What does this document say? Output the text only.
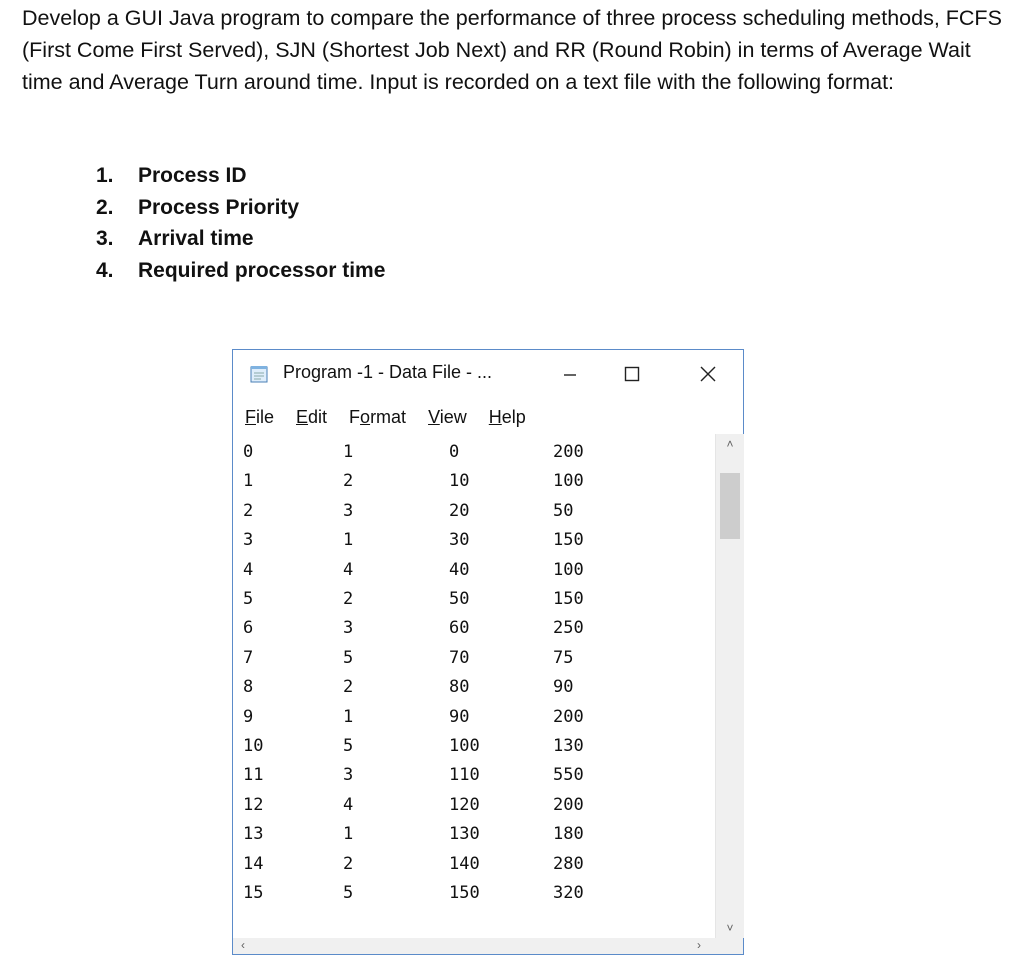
Develop a GUI Java program to compare the performance of three process scheduling methods, FCFS (First Come First Served), SJN (Shortest Job Next) and RR (Round Robin) in terms of Average Wait time and Average Turn around time. Input is recorded on a text file with the following format:

1.	Process ID
2.	Process Priority
3.	Arrival time
4.	Required processor time
Program -1 - Data File - ...
File Edit Format View Help
0	1	0	200
1	2	10	100
2	3	20	50
3	1	30	150
4	4	40	100
5	2	50	150
6	3	60	250
7	5	70	75
8	2	80	90
9	1	90	200
10	5	100	130
11	3	110	550
12	4	120	200
13	1	130	180
14	2	140	280
15	5	150	320
˄
˅
‹	›
